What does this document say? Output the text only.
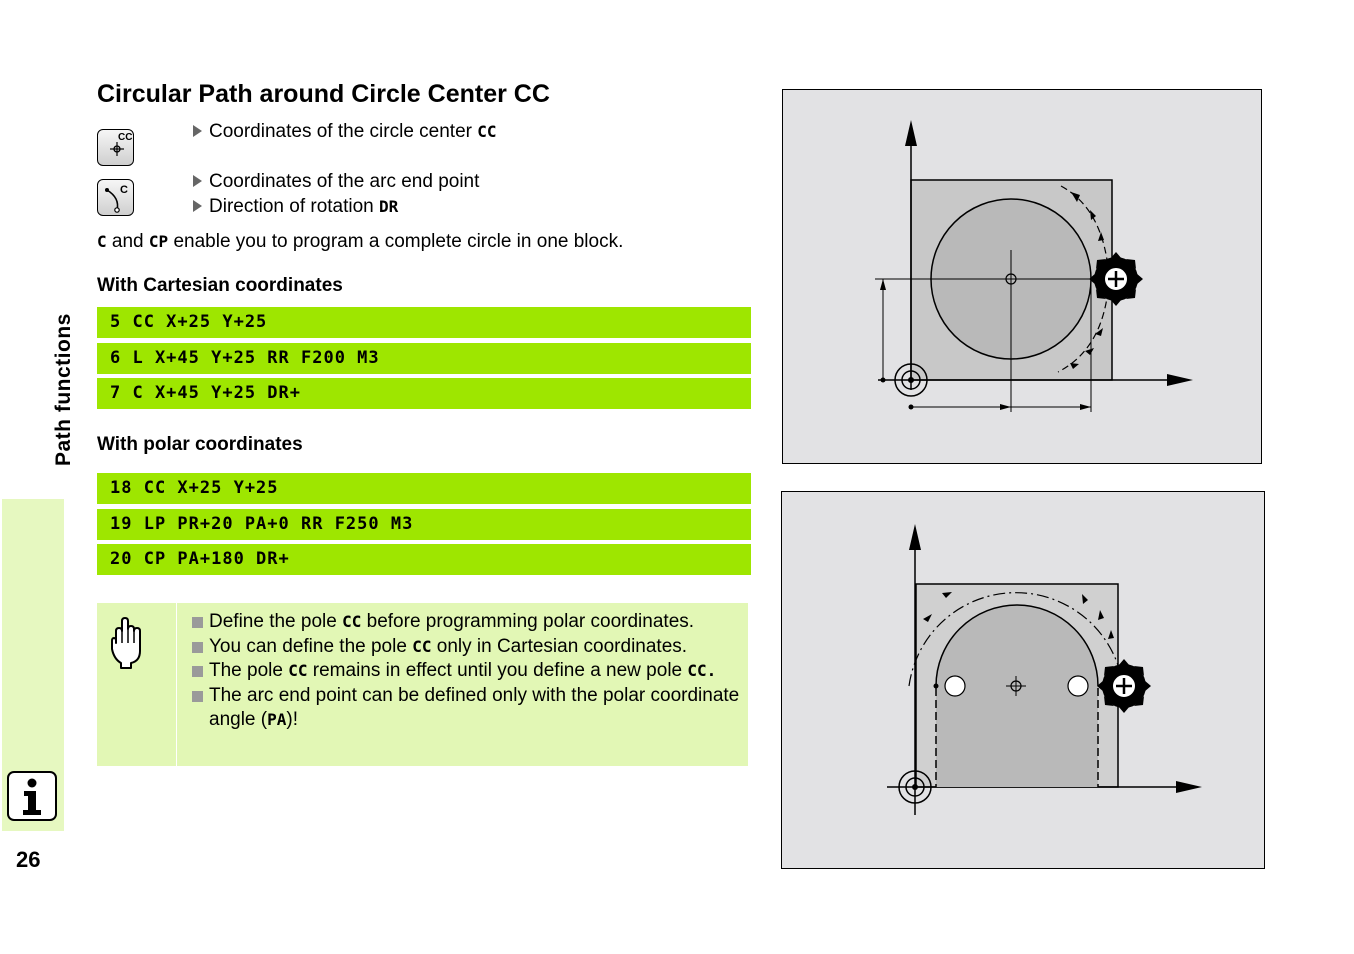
Circular Path around Circle Center CC
CC
C
Coordinates of the circle center CC
Coordinates of the arc end point
Direction of rotation DR
C and CP enable you to program a complete circle in one block.
With Cartesian coordinates
5 CC X+25 Y+25
6 L X+45 Y+25 RR F200 M3
7 C X+45 Y+25 DR+
With polar coordinates
18 CC X+25 Y+25
19 LP PR+20 PA+0 RR F250 M3
20 CP PA+180 DR+
Define the pole CC before programming polar coordinates.
You can define the pole CC only in Cartesian coordinates.
The pole CC remains in effect until you define a new pole CC.
The arc end point can be defined only with the polar coordinate angle (PA)!
Path functions
26
